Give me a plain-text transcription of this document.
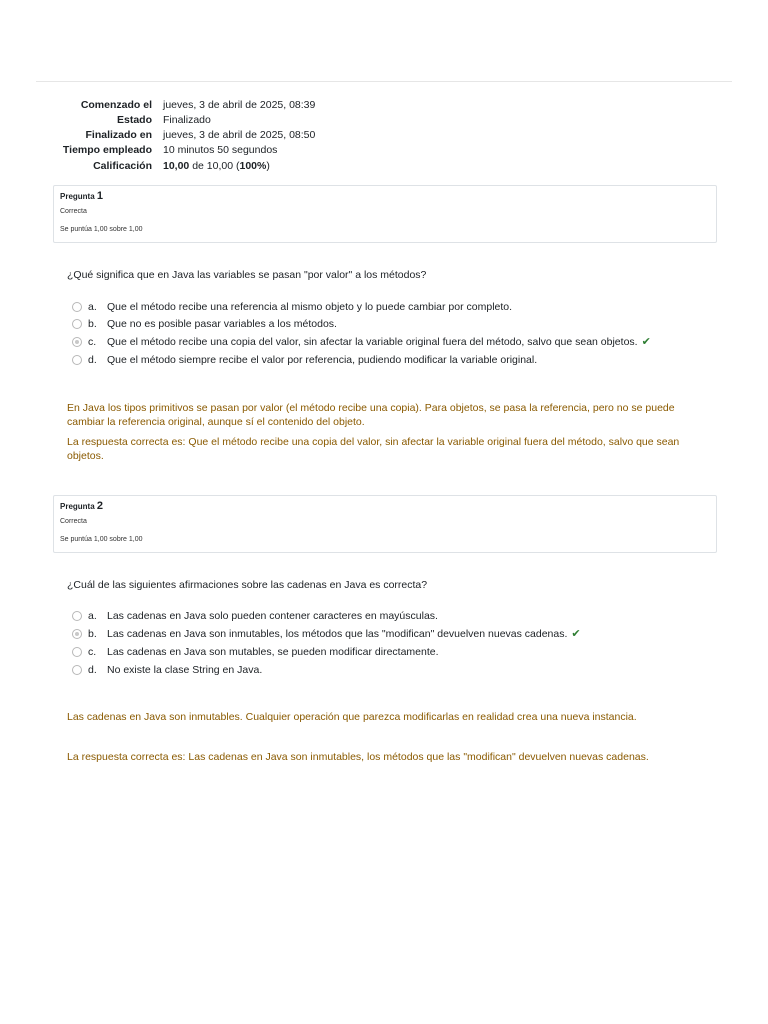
Comenzado el jueves, 3 de abril de 2025, 08:39
Estado Finalizado
Finalizado en jueves, 3 de abril de 2025, 08:50
Tiempo empleado 10 minutos 50 segundos
Calificación 10,00 de 10,00 (100%)
Pregunta 1
Correcta
Se puntúa 1,00 sobre 1,00
¿Qué significa que en Java las variables se pasan "por valor" a los métodos?
a. Que el método recibe una referencia al mismo objeto y lo puede cambiar por completo.
b. Que no es posible pasar variables a los métodos.
c. Que el método recibe una copia del valor, sin afectar la variable original fuera del método, salvo que sean objetos. ✔
d. Que el método siempre recibe el valor por referencia, pudiendo modificar la variable original.
En Java los tipos primitivos se pasan por valor (el método recibe una copia). Para objetos, se pasa la referencia, pero no se puede cambiar la referencia original, aunque sí el contenido del objeto.
La respuesta correcta es: Que el método recibe una copia del valor, sin afectar la variable original fuera del método, salvo que sean objetos.
Pregunta 2
Correcta
Se puntúa 1,00 sobre 1,00
¿Cuál de las siguientes afirmaciones sobre las cadenas en Java es correcta?
a. Las cadenas en Java solo pueden contener caracteres en mayúsculas.
b. Las cadenas en Java son inmutables, los métodos que las "modifican" devuelven nuevas cadenas. ✔
c. Las cadenas en Java son mutables, se pueden modificar directamente.
d. No existe la clase String en Java.
Las cadenas en Java son inmutables. Cualquier operación que parezca modificarlas en realidad crea una nueva instancia.
La respuesta correcta es: Las cadenas en Java son inmutables, los métodos que las "modifican" devuelven nuevas cadenas.
